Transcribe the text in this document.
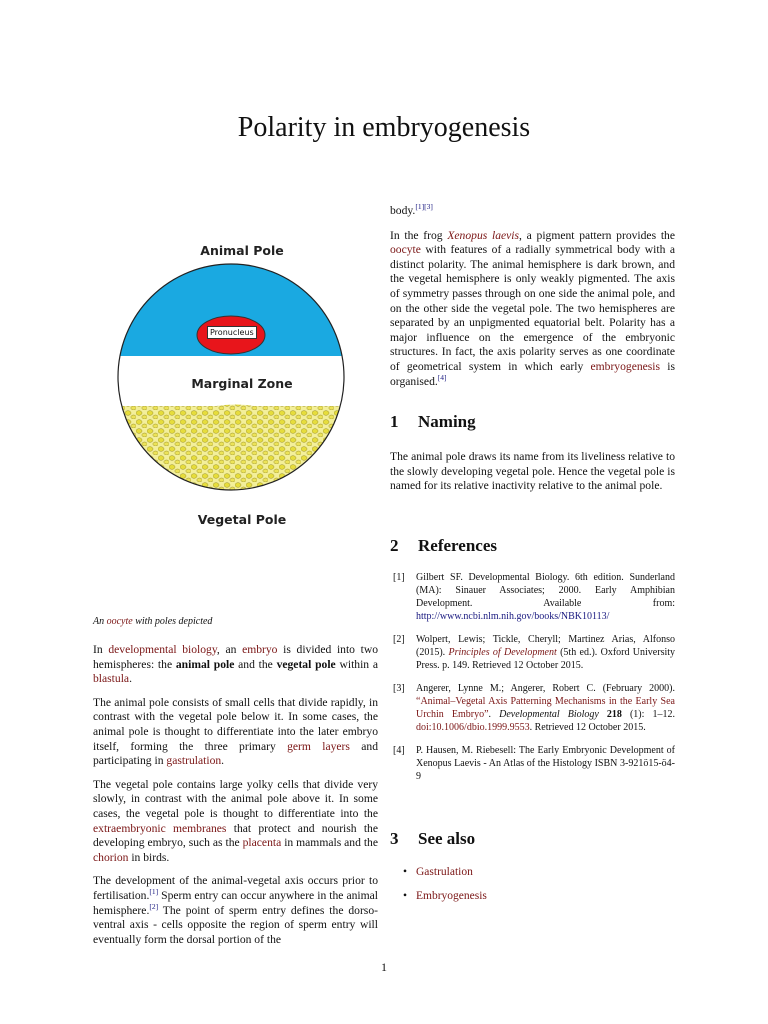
Polarity in embryogenesis
Animal Pole
Pronucleus
Marginal Zone
Vegetal Pole
An oocyte with poles depicted

In developmental biology, an embryo is divided into two hemispheres: the animal pole and the vegetal pole within a blastula.

The animal pole consists of small cells that divide rapidly, in contrast with the vegetal pole below it. In some cases, the animal pole is thought to differentiate into the later embryo itself, forming the three primary germ layers and participating in gastrulation.

The vegetal pole contains large yolky cells that divide very slowly, in contrast with the animal pole above it. In some cases, the vegetal pole is thought to differentiate into the extraembryonic membranes that protect and nourish the developing embryo, such as the placenta in mammals and the chorion in birds.

The development of the animal-vegetal axis occurs prior to fertilisation.[1] Sperm entry can occur anywhere in the animal hemisphere.[2] The point of sperm entry defines the dorso-ventral axis - cells opposite the region of sperm entry will eventually form the dorsal portion of the

body.[1][3]

In the frog Xenopus laevis, a pigment pattern provides the oocyte with features of a radially symmetrical body with a distinct polarity. The animal hemisphere is dark brown, and the vegetal hemisphere is only weakly pigmented. The axis of symmetry passes through on one side the animal pole, and on the other side the vegetal pole. The two hemispheres are separated by an unpigmented equatorial belt. Polarity has a major influence on the emergence of the embryonic structures. In fact, the axis polarity serves as one coordinate of geometrical system in which early embryogenesis is organised.[4]

1 Naming
The animal pole draws its name from its liveliness relative to the slowly developing vegetal pole. Hence the vegetal pole is named for its relative inactivity relative to the animal pole.
2 References
[1]	Gilbert SF. Developmental Biology. 6th edition. Sunderland (MA): Sinauer Associates; 2000. Early Amphibian Development. Available from: http://www.ncbi.nlm.nih.gov/books/NBK10113/
[2]	Wolpert, Lewis; Tickle, Cheryll; Martinez Arias, Alfonso (2015). Principles of Development (5th ed.). Oxford University Press. p. 149. Retrieved 12 October 2015.
[3]	Angerer, Lynne M.; Angerer, Robert C. (February 2000). “Animal–Vegetal Axis Patterning Mechanisms in the Early Sea Urchin Embryo”. Developmental Biology 218 (1): 1–12. doi:10.1006/dbio.1999.9553. Retrieved 12 October 2015.
[4]	P. Hausen, M. Riebesell: The Early Embryonic Development of Xenopus Laevis - An Atlas of the Histology ISBN 3-921ö15-ö4-9
3 See also
• Gastrulation
• Embryogenesis
1
